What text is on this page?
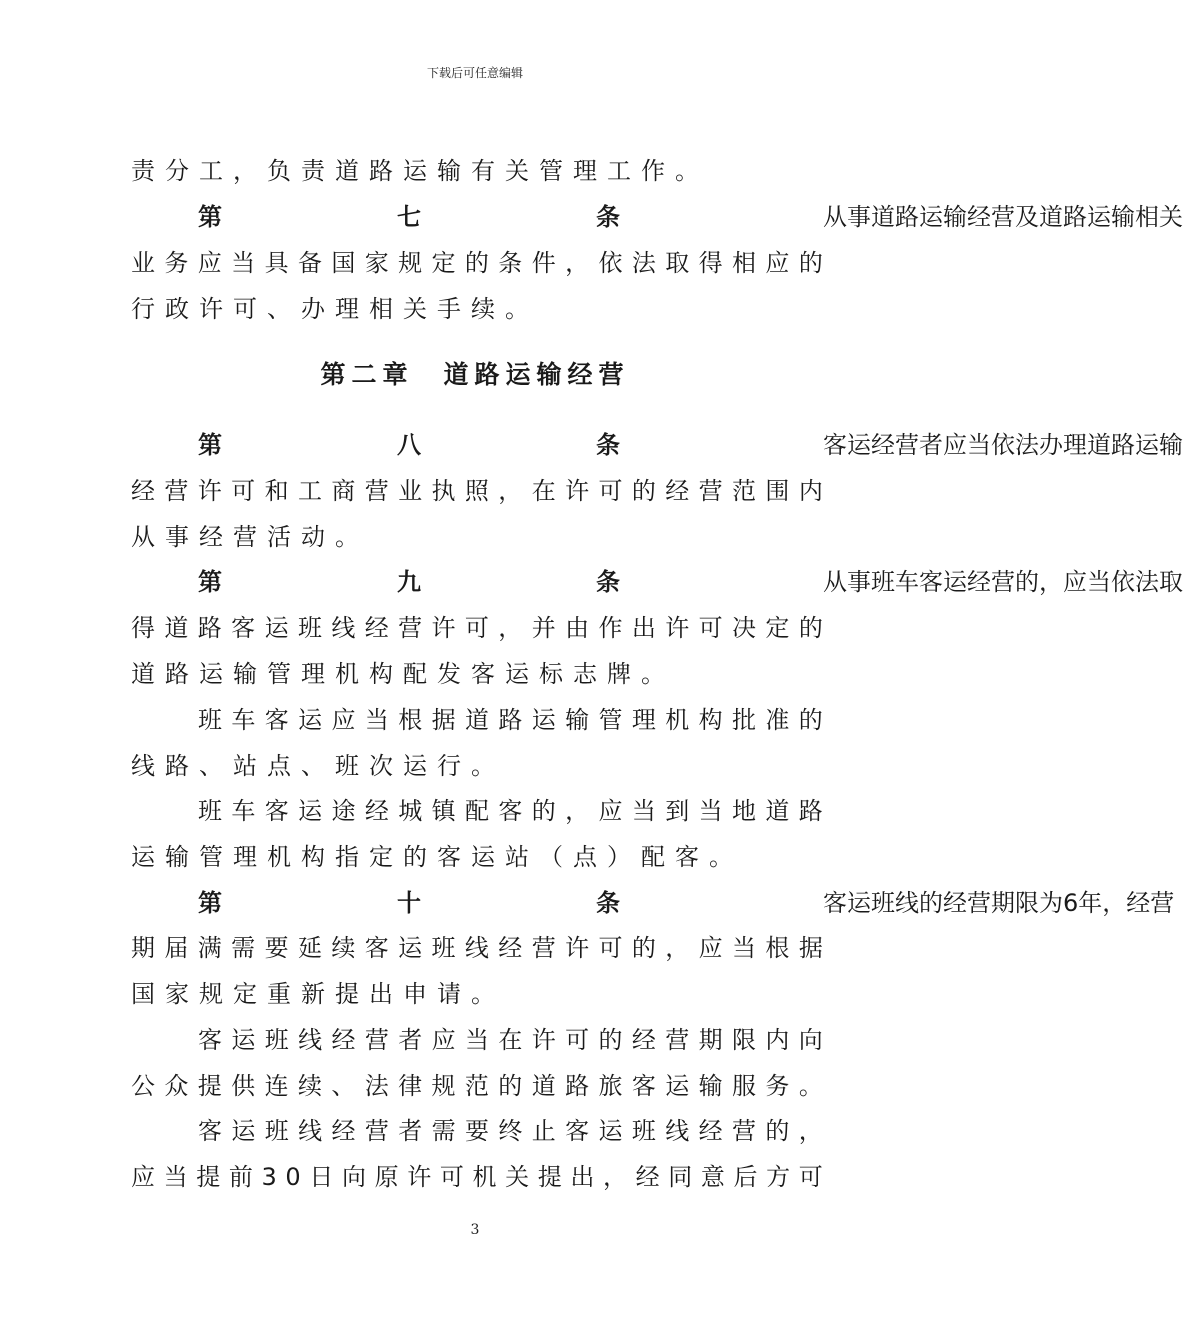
下载后可任意编辑
责分工，负责道路运输有关管理工作。
第七条 从 事 道 路 运 输 经 营 及 道 路 运 输 相 关
业 务 应 当 具 备 国 家 规 定 的 条 件 ， 依 法 取 得 相 应 的
行政许可、办理相关手续。
第二章 道路运输经营
第八条 客 运 经 营 者 应 当 依 法 办 理 道 路 运 输
经 营 许 可 和 工 商 营 业 执 照 ， 在 许 可 的 经 营 范 围 内
从事经营活动。
第九条 从 事 班 车 客 运 经 营 的 ， 应 当 依 法 取
得 道 路 客 运 班 线 经 营 许 可 ， 并 由 作 出 许 可 决 定 的
道路运输管理机构配发客运标志牌。
班 车 客 运 应 当 根 据 道 路 运 输 管 理 机 构 批 准 的
线路、站点、班次运行。
班 车 客 运 途 经 城 镇 配 客 的 ， 应 当 到 当 地 道 路
运输管理机构指定的客运站（点）配客。
第十条 客 运 班 线 的 经 营 期 限 为 6 年 ， 经 营
期 届 满 需 要 延 续 客 运 班 线 经 营 许 可 的 ， 应 当 根 据
国家规定重新提出申请。
客 运 班 线 经 营 者 应 当 在 许 可 的 经 营 期 限 内 向
公 众 提 供 连 续 、 法 律 规 范 的 道 路 旅 客 运 输 服 务 。
客 运 班 线 经 营 者 需 要 终 止 客 运 班 线 经 营 的 ，
应 当 提 前 3 0 日 向 原 许 可 机 关 提 出 ， 经 同 意 后 方 可
3
